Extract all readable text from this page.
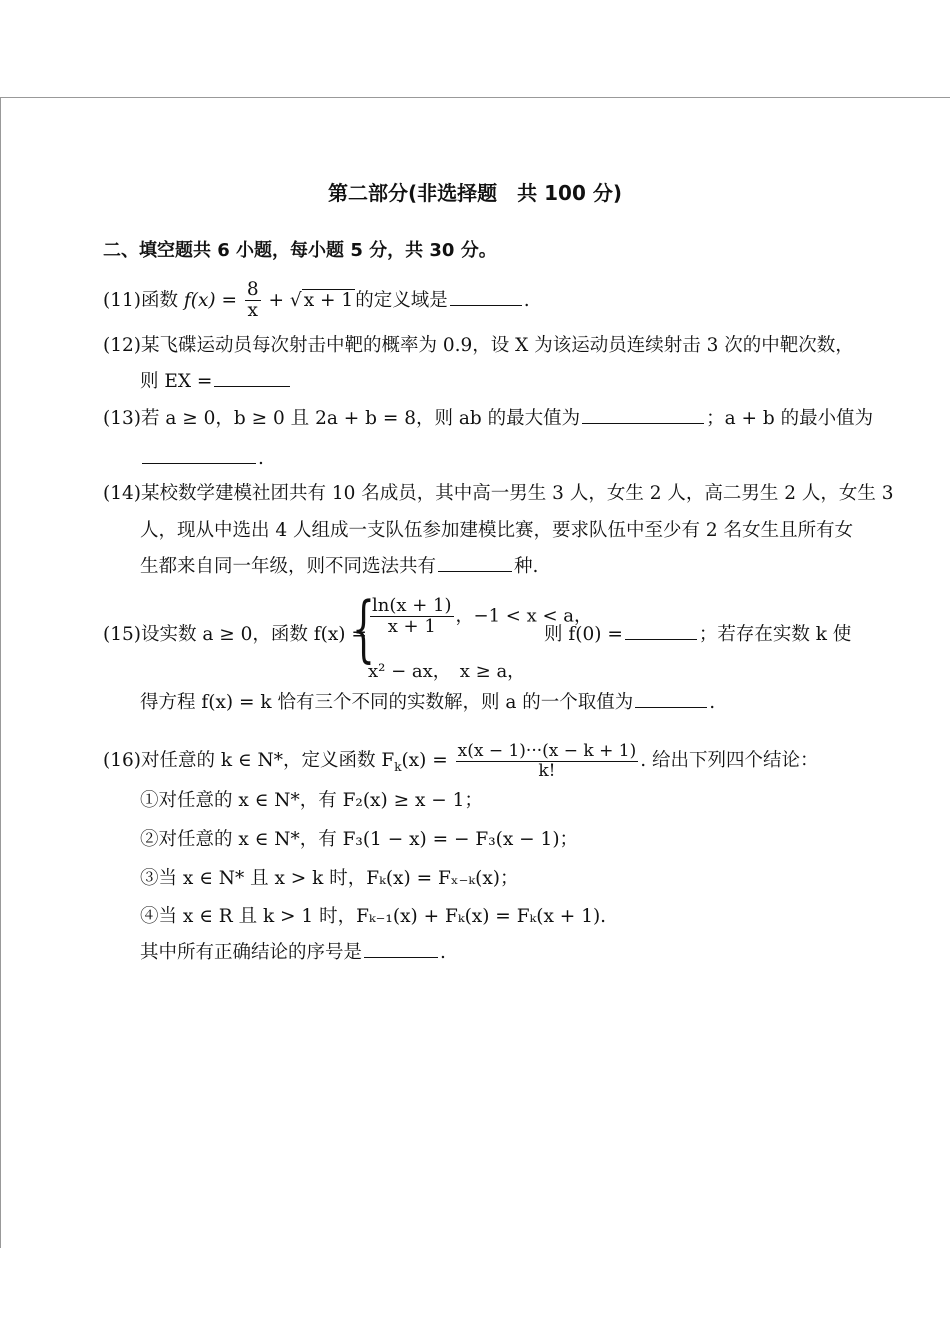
第二部分(非选择题　共 100 分)
二、填空题共 6 小题，每小题 5 分，共 30 分。
(11)函数 $f(x) = \frac{8}{x}$ + √ x + 1 的定义域是	.
(12)某飞碟运动员每次射击中靶的概率为 0.9，设 X 为该运动员连续射击 3 次的中靶次数，
则 EX =
(13)若 a ≥ 0，b ≥ 0 且 2a + b = 8，则 ab 的最大值为	；a + b 的最小值为
.
(14)某校数学建模社团共有 10 名成员，其中高一男生 3 人，女生 2 人，高二男生 2 人，女生 3
人，现从中选出 4 人组成一支队伍参加建模比赛，要求队伍中至少有 2 名女生且所有女
生都来自同一年级，则不同选法共有	种.
(15)设实数 a ≥ 0，函数 f(x) =
{
$\frac{\ln(x + 1)}{x + 1}$ ，−1 < x < a，
x² − ax，　x ≥ a，
则 f(0) =	；若存在实数 k 使
得方程 f(x) = k 恰有三个不同的实数解，则 a 的一个取值为	.
(16)对任意的 k ∈ N*，定义函数 $F_k(x) = \frac{x(x - 1)\cdot\cdot\cdot(x - k + 1)}{k!}$ . 给出下列四个结论：
①对任意的 x ∈ N*，有 F₂(x) ≥ x − 1；
②对任意的 x ∈ N*，有 F₃(1 − x) = − F₃(x − 1)；
③当 x ∈ N* 且 x > k 时，Fₖ(x) = Fₓ₋ₖ(x)；
④当 x ∈ R 且 k > 1 时，Fₖ₋₁(x) + Fₖ(x) = Fₖ(x + 1).
其中所有正确结论的序号是	.
